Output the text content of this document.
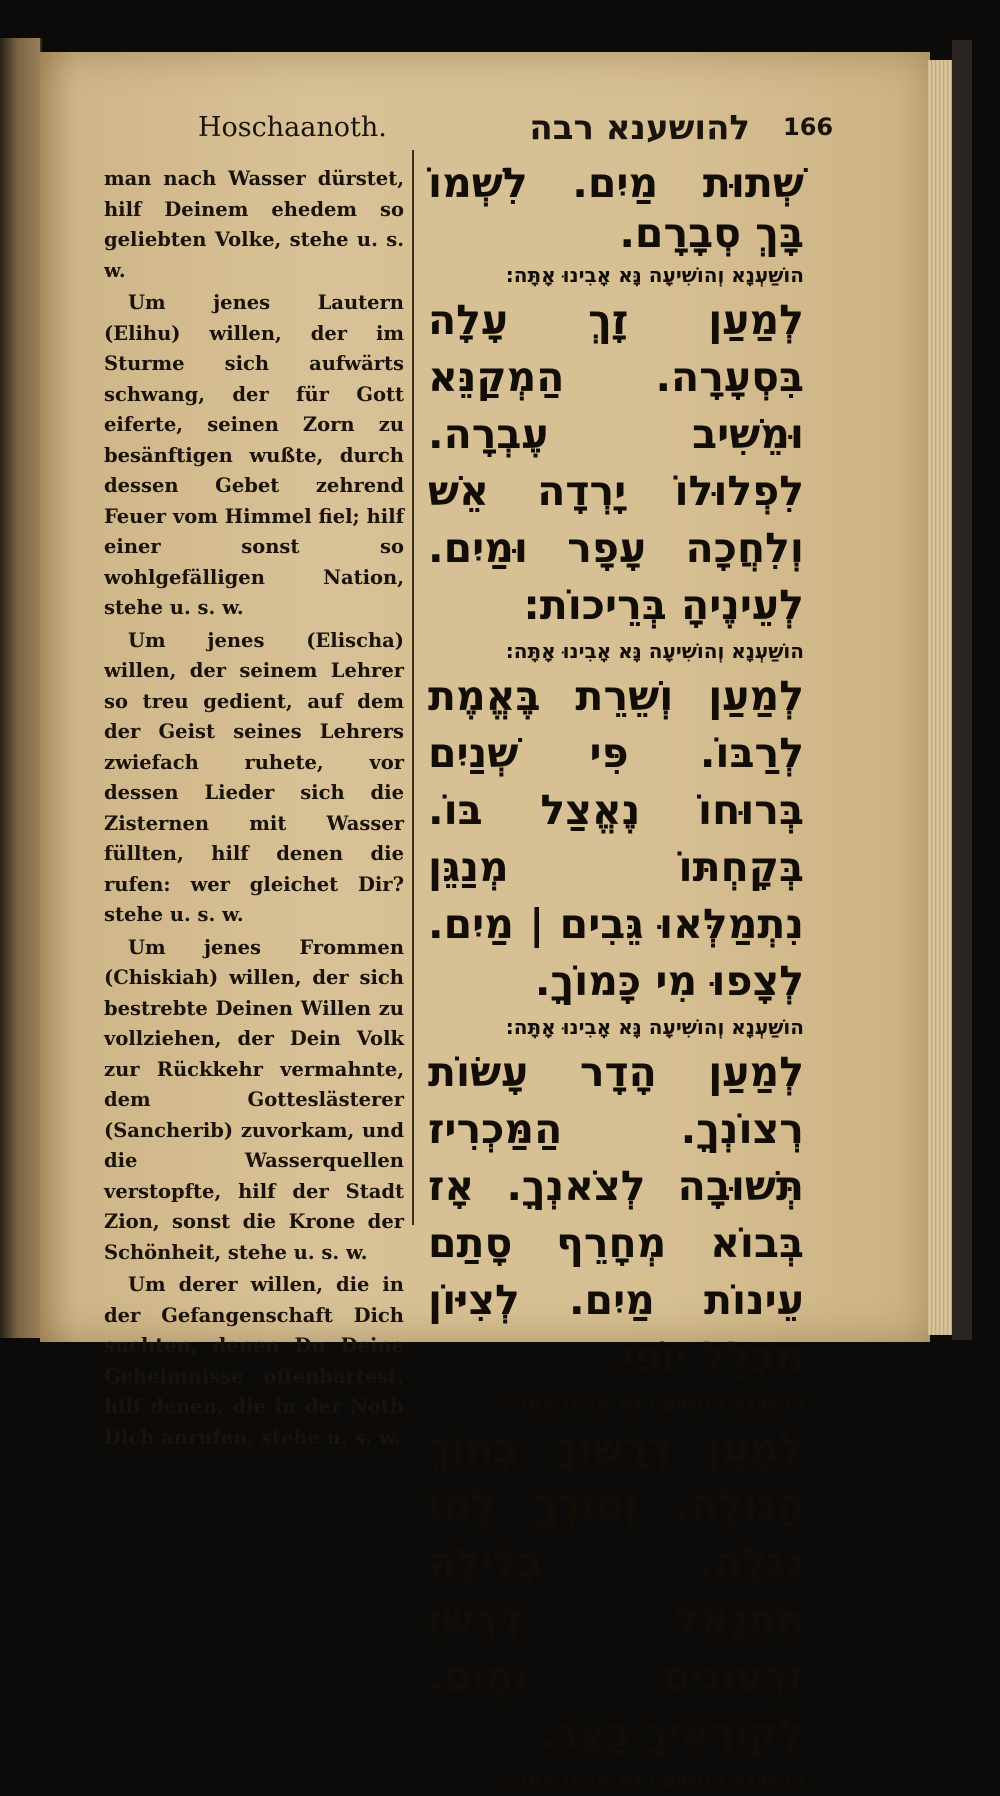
Hoschaanoth.	להושענא רבה 166

man nach Wasser dürstet, hilf Deinem ehedem so geliebten Volke, stehe u. s. w.

Um jenes Lautern (Elihu) willen, der im Sturme sich aufwärts schwang, der für Gott eiferte, seinen Zorn zu besänftigen wußte, durch dessen Gebet zehrend Feuer vom Himmel fiel; hilf einer sonst so wohlgefälligen Nation, stehe u. s. w.

Um jenes (Elischa) willen, der seinem Lehrer so treu gedient, auf dem der Geist seines Lehrers zwiefach ruhete, vor dessen Lieder sich die Zisternen mit Wasser füllten, hilf denen die rufen: wer gleichet Dir? stehe u. s. w.

Um jenes Frommen (Chiskiah) willen, der sich bestrebte Deinen Willen zu vollziehen, der Dein Volk zur Rückkehr vermahnte, dem Gotteslästerer (Sancherib) zuvorkam, und die Wasserquellen verstopfte, hilf der Stadt Zion, sonst die Krone der Schönheit, stehe u. s. w.

Um derer willen, die in der Gefangenschaft Dich suchten, denen Du Deine Geheimnisse offenbartest, hilf denen, die in der Noth Dich anrufen, stehe u. s. w.

שְׁתוּת מַיִם. לִשְׁמוֹ בָּךְ סְבָרָם.

הוֹשַׁעְנָא וְהוֹשִׁיעָה נָּא אָבִינוּ אָתָּה:

לְמַעַן זָךְ עָלָה בִּסְעָרָה. הַמְקַנֵּא וּמֵשִׁיב עֶבְרָה. לִפְלוּלוֹ יָרְדָה אֵשׁ וְלִחֲכָה עָפָר וּמַיִם. לְעֵינֶיהָ בְּרֵיכוֹת:

הוֹשַׁעְנָא וְהוֹשִׁיעָה נָּא אָבִינוּ אָתָּה:

לְמַעַן וְשֵׁרֵת בֶּאֱמֶת לְרַבּוֹ. פִּי שְׁנַיִם בְּרוּחוֹ נֶאֱצַל בּוֹ. בְּקָחְתּוֹ מְנַגֵּן נִתְמַלְּאוּ גֵּבִים | מַיִם. לְצָפוּ מִי כָּמוֹךָ.

הוֹשַׁעְנָא וְהוֹשִׁיעָה נָּא אָבִינוּ אָתָּה:

לְמַעַן הָדָר עָשׂוֹת רְצוֹנְךָ. הַמַּכְרִיז תְּשׁוּבָה לְצֹאנְךָ. אָז בְּבוֹא מְחָרֵף סָתַם עֵינוֹת מַיִם. לְצִיּוֹן מִכְלַל יוֹפִי.

הוֹשַׁעְנָא וְהוֹשִׁיעָה נָּא אָבִינוּ אָתָּה:

לְמַעַן דְּרָשׁוּךָ בְּתוֹךְ הַגּוֹלָה. וְסוֹדְךָ לָמוֹ נִגְלָה. בְּלִילָהּ תִּתְגָּאֵל דִּרְשׁוּ זֵרְעוֹנִים וּמַיִם. לְקוֹרְאֶיךָ בַּצָּר.

הוֹשַׁעְנָא וְהוֹשִׁיעָה נָּא אָבִינוּ אָתָּה:
